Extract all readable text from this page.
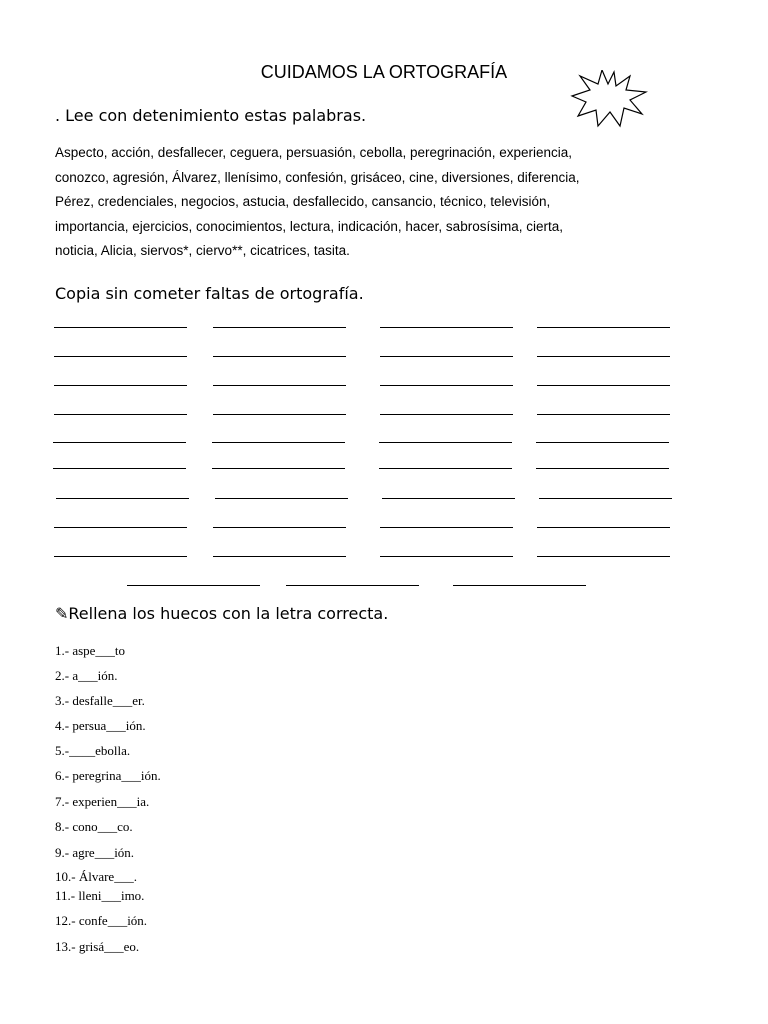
CUIDAMOS LA ORTOGRAFÍA
. Lee con detenimiento estas palabras.
Aspecto, acción, desfallecer, ceguera, persuasión, cebolla, peregrinación, experiencia,
conozco, agresión, Álvarez, llenísimo, confesión, grisáceo, cine, diversiones, diferencia,
Pérez, credenciales, negocios, astucia, desfallecido, cansancio, técnico, televisión,
importancia, ejercicios, conocimientos, lectura, indicación, hacer, sabrosísima, cierta,
noticia, Alicia, siervos*, ciervo**, cicatrices, tasita.
Copia sin cometer faltas de ortografía.
✎Rellena los huecos con la letra correcta.
1.- aspe___to
2.- a___ión.
3.- desfalle___er.
4.- persua___ión.
5.-____ebolla.
6.- peregrina___ión.
7.- experien___ia.
8.- cono___co.
9.- agre___ión.
10.- Álvare___.
11.- lleni___imo.
12.- confe___ión.
13.- grisá___eo.
